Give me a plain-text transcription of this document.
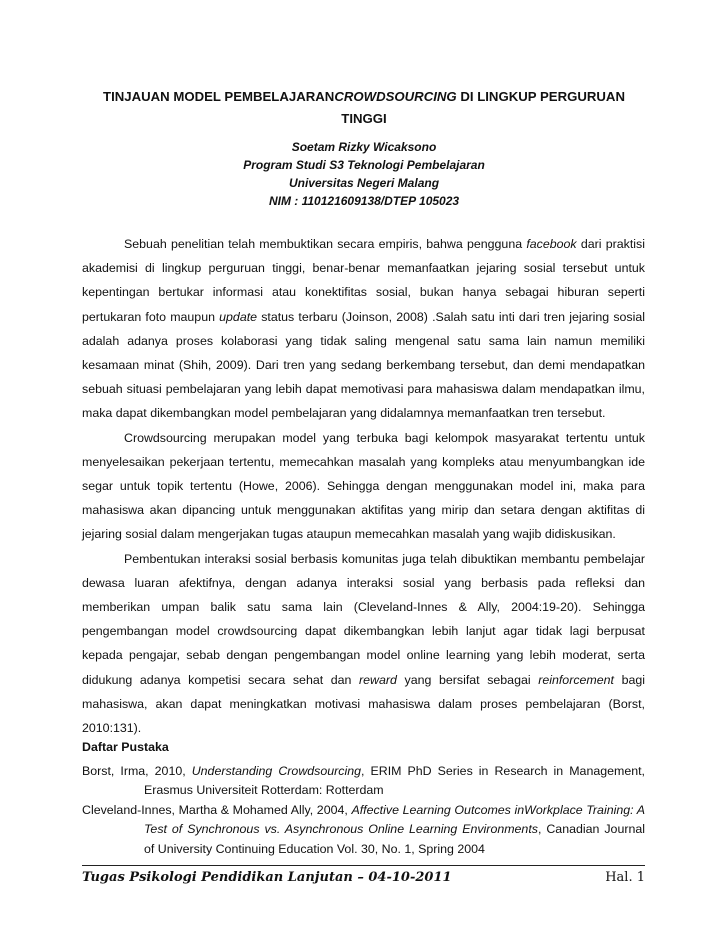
TINJAUAN MODEL PEMBELAJARANCROWDSOURCING DI LINGKUP PERGURUAN TINGGI
Soetam Rizky Wicaksono
Program Studi S3 Teknologi Pembelajaran
Universitas Negeri Malang
NIM : 110121609138/DTEP 105023

Sebuah penelitian telah membuktikan secara empiris, bahwa pengguna facebook dari praktisi akademisi di lingkup perguruan tinggi, benar-benar memanfaatkan jejaring sosial tersebut untuk kepentingan bertukar informasi atau konektifitas sosial, bukan hanya sebagai hiburan seperti pertukaran foto maupun update status terbaru (Joinson, 2008) .Salah satu inti dari tren jejaring sosial adalah adanya proses kolaborasi yang tidak saling mengenal satu sama lain namun memiliki kesamaan minat (Shih, 2009). Dari tren yang sedang berkembang tersebut, dan demi mendapatkan sebuah situasi pembelajaran yang lebih dapat memotivasi para mahasiswa dalam mendapatkan ilmu, maka dapat dikembangkan model pembelajaran yang didalamnya memanfaatkan tren tersebut.

Crowdsourcing merupakan model yang terbuka bagi kelompok masyarakat tertentu untuk menyelesaikan pekerjaan tertentu, memecahkan masalah yang kompleks atau menyumbangkan ide segar untuk topik tertentu (Howe, 2006). Sehingga dengan menggunakan model ini, maka para mahasiswa akan dipancing untuk menggunakan aktifitas yang mirip dan setara dengan aktifitas di jejaring sosial dalam mengerjakan tugas ataupun memecahkan masalah yang wajib didiskusikan.

Pembentukan interaksi sosial berbasis komunitas juga telah dibuktikan membantu pembelajar dewasa luaran afektifnya, dengan adanya interaksi sosial yang berbasis pada refleksi dan memberikan umpan balik satu sama lain (Cleveland-Innes & Ally, 2004:19-20). Sehingga pengembangan model crowdsourcing dapat dikembangkan lebih lanjut agar tidak lagi berpusat kepada pengajar, sebab dengan pengembangan model online learning yang lebih moderat, serta didukung adanya kompetisi secara sehat dan reward yang bersifat sebagai reinforcement bagi mahasiswa, akan dapat meningkatkan motivasi mahasiswa dalam proses pembelajaran (Borst, 2010:131).

Daftar Pustaka

Borst, Irma, 2010, Understanding Crowdsourcing, ERIM PhD Series in Research in Management, Erasmus Universiteit Rotterdam: Rotterdam

Cleveland-Innes, Martha & Mohamed Ally, 2004, Affective Learning Outcomes inWorkplace Training: A Test of Synchronous vs. Asynchronous Online Learning Environments, Canadian Journal of University Continuing Education Vol. 30, No. 1, Spring 2004

Tugas Psikologi Pendidikan Lanjutan – 04-10-2011	Hal. 1
